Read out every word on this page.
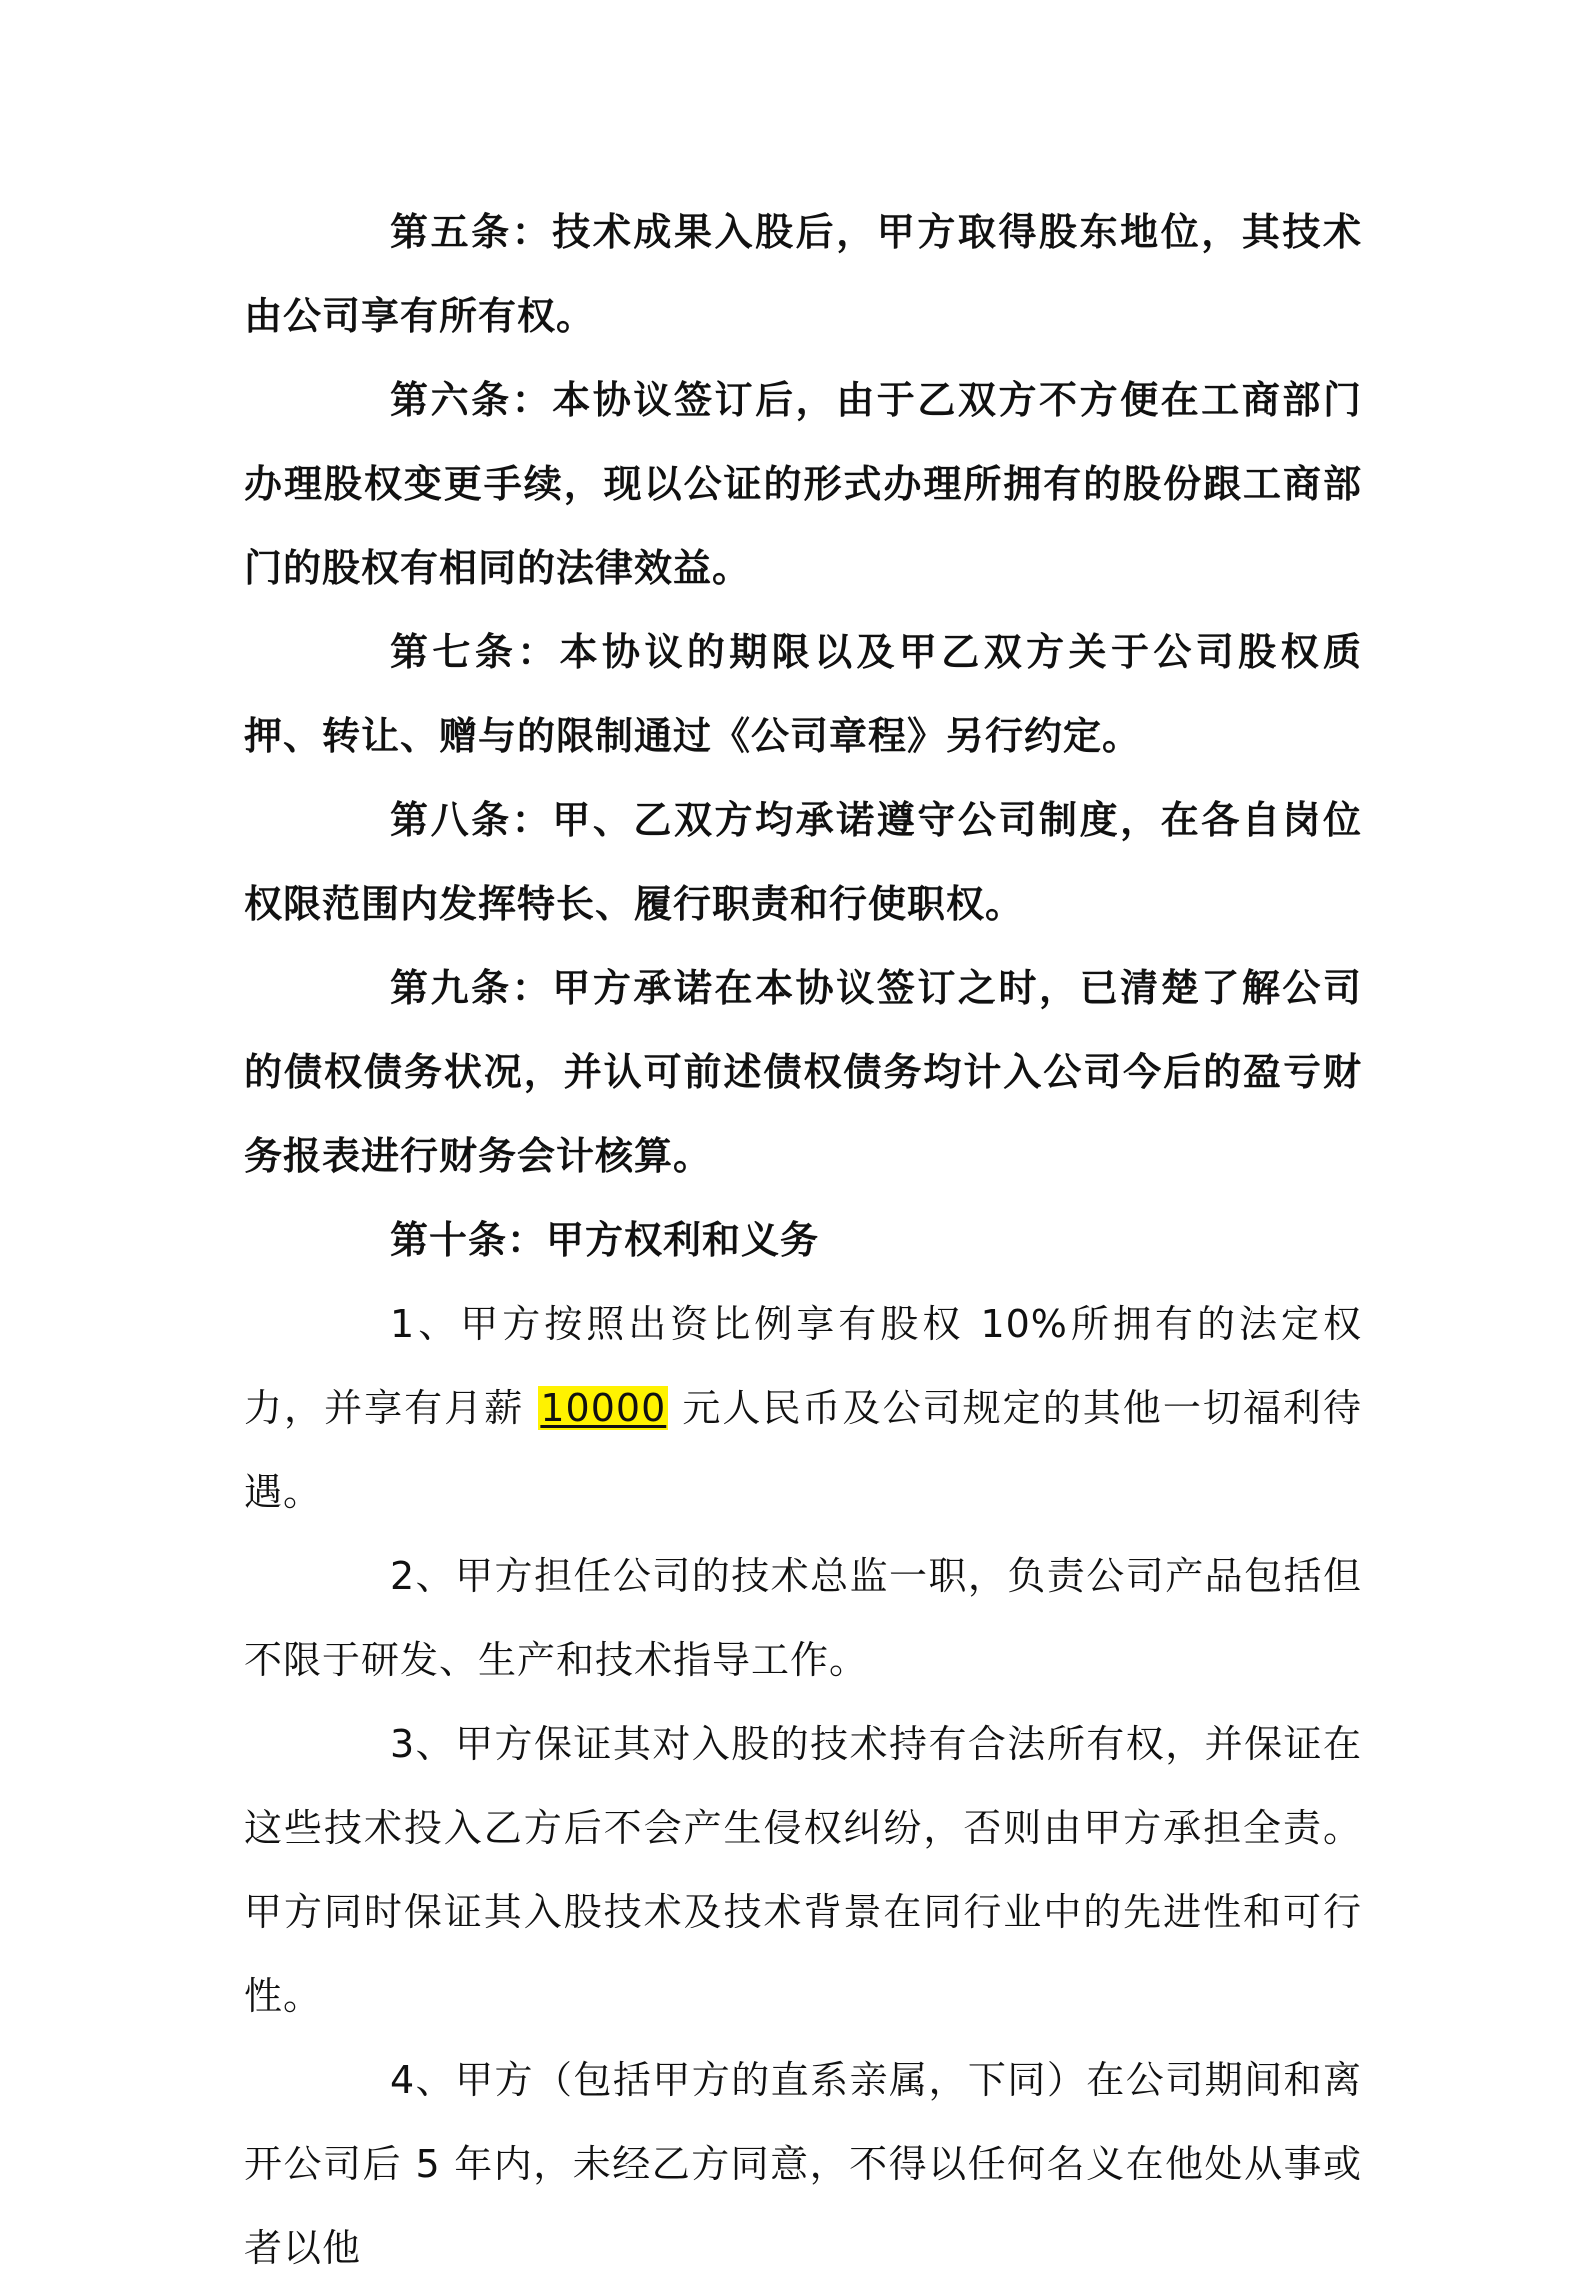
第五条：技术成果入股后，甲方取得股东地位，其技术由公司享有所有权。

第六条：本协议签订后，由于乙双方不方便在工商部门办理股权变更手续，现以公证的形式办理所拥有的股份跟工商部门的股权有相同的法律效益。

第七条：本协议的期限以及甲乙双方关于公司股权质押、转让、赠与的限制通过《公司章程》另行约定。

第八条：甲、乙双方均承诺遵守公司制度，在各自岗位权限范围内发挥特长、履行职责和行使职权。

第九条：甲方承诺在本协议签订之时，已清楚了解公司的债权债务状况，并认可前述债权债务均计入公司今后的盈亏财务报表进行财务会计核算。

第十条：甲方权利和义务

1、甲方按照出资比例享有股权 10%所拥有的法定权力，并享有月薪 10000 元人民币及公司规定的其他一切福利待遇。

2、甲方担任公司的技术总监一职，负责公司产品包括但不限于研发、生产和技术指导工作。

3、甲方保证其对入股的技术持有合法所有权，并保证在这些技术投入乙方后不会产生侵权纠纷，否则由甲方承担全责。甲方同时保证其入股技术及技术背景在同行业中的先进性和可行性。

4、甲方（包括甲方的直系亲属，下同）在公司期间和离开公司后 5 年内，未经乙方同意，不得以任何名义在他处从事或者以他
